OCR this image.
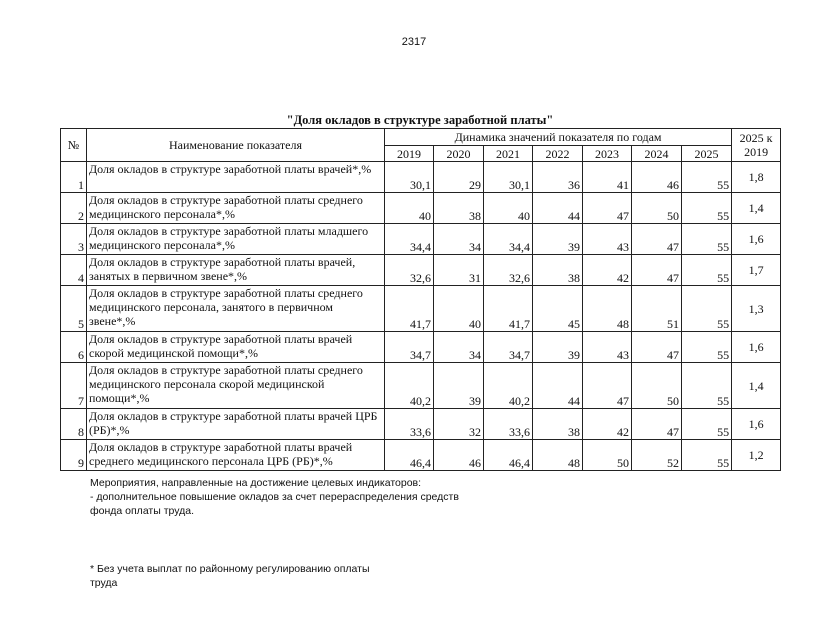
2317
"Доля окладов в структуре заработной платы"
№	Наименование показателя	Динамика значений показателя по годам							2025 к 2019
		2019	2020	2021	2022	2023	2024	2025	
1	Доля окладов в структуре заработной платы врачей*,%	30,1	29	30,1	36	41	46	55	1,8
2	Доля окладов в структуре заработной платы среднего медицинского персонала*,%	40	38	40	44	47	50	55	1,4
3	Доля окладов в структуре заработной платы младшего медицинского персонала*,%	34,4	34	34,4	39	43	47	55	1,6
4	Доля окладов в структуре заработной платы врачей, занятых в первичном звене*,%	32,6	31	32,6	38	42	47	55	1,7
5	Доля окладов в структуре заработной платы среднего медицинского персонала, занятого в первичном звене*,%	41,7	40	41,7	45	48	51	55	1,3
6	Доля окладов в структуре заработной платы врачей скорой медицинской помощи*,%	34,7	34	34,7	39	43	47	55	1,6
7	Доля окладов в структуре заработной платы среднего медицинского персонала скорой медицинской помощи*,%	40,2	39	40,2	44	47	50	55	1,4
8	Доля окладов в структуре заработной платы врачей ЦРБ (РБ)*,%	33,6	32	33,6	38	42	47	55	1,6
9	Доля окладов в структуре заработной платы врачей среднего медицинского персонала ЦРБ (РБ)*,%	46,4	46	46,4	48	50	52	55	1,2

Мероприятия, направленные на достижение целевых индикаторов:

- дополнительное повышение окладов за счет перераспределения средств фонда оплаты труда.

* Без учета выплат по районному регулированию оплаты труда
